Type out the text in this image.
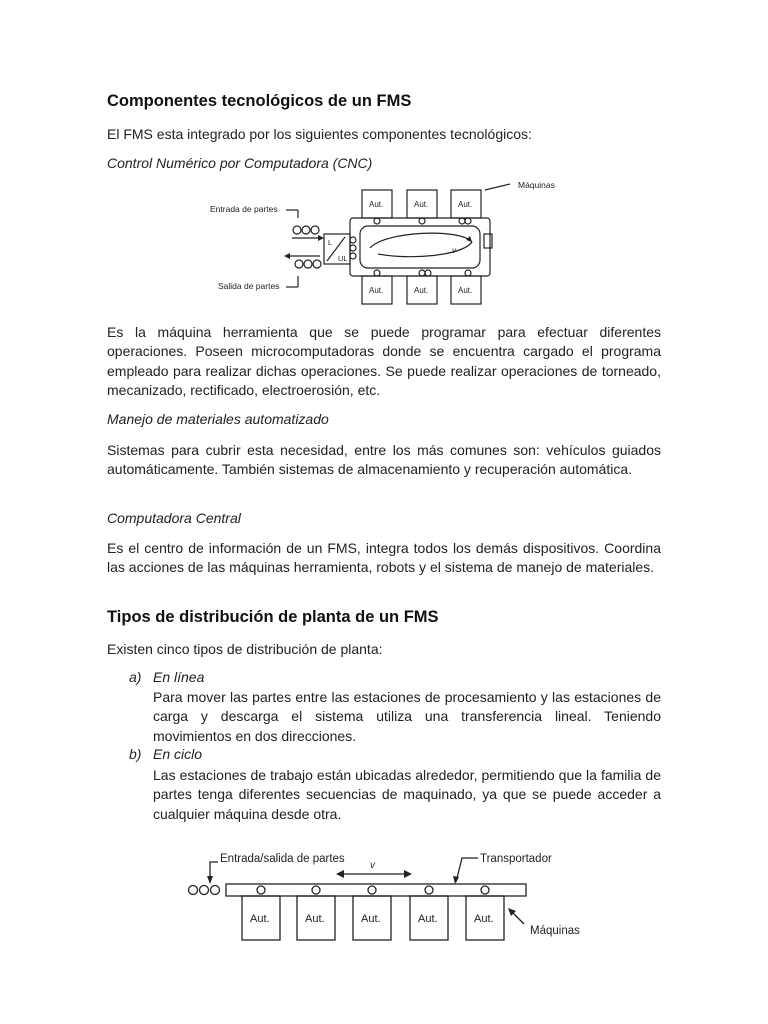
Componentes tecnológicos de un FMS

El FMS esta integrado por los siguientes componentes tecnológicos:

Control Numérico por Computadora (CNC)

Entrada de partes
Salida de partes
Máquinas
Aut.	Aut.	Aut.
Aut.	Aut.	Aut.
L
UL
v

Es la máquina herramienta que se puede programar para efectuar diferentes operaciones. Poseen microcomputadoras donde se encuentra cargado el programa empleado para realizar dichas operaciones. Se puede realizar operaciones de torneado, mecanizado, rectificado, electroerosión, etc.

Manejo de materiales automatizado

Sistemas para cubrir esta necesidad, entre los más comunes son: vehículos guiados automáticamente. También sistemas de almacenamiento y recuperación automática.

Computadora Central

Es el centro de información de un FMS, integra todos los demás dispositivos. Coordina las acciones de las máquinas herramienta, robots y el sistema de manejo de materiales.

Tipos de distribución de planta de un FMS

Existen cinco tipos de distribución de planta:

a) En línea

Para mover las partes entre las estaciones de procesamiento y las estaciones de carga y descarga el sistema utiliza una transferencia lineal. Teniendo movimientos en dos direcciones.

b) En ciclo

Las estaciones de trabajo están ubicadas alrededor, permitiendo que la familia de partes tenga diferentes secuencias de maquinado, ya que se puede acceder a cualquier máquina desde otra.

Entrada/salida de partes	Transportador
Máquinas
v
Aut.	Aut.	Aut.	Aut.	Aut.
